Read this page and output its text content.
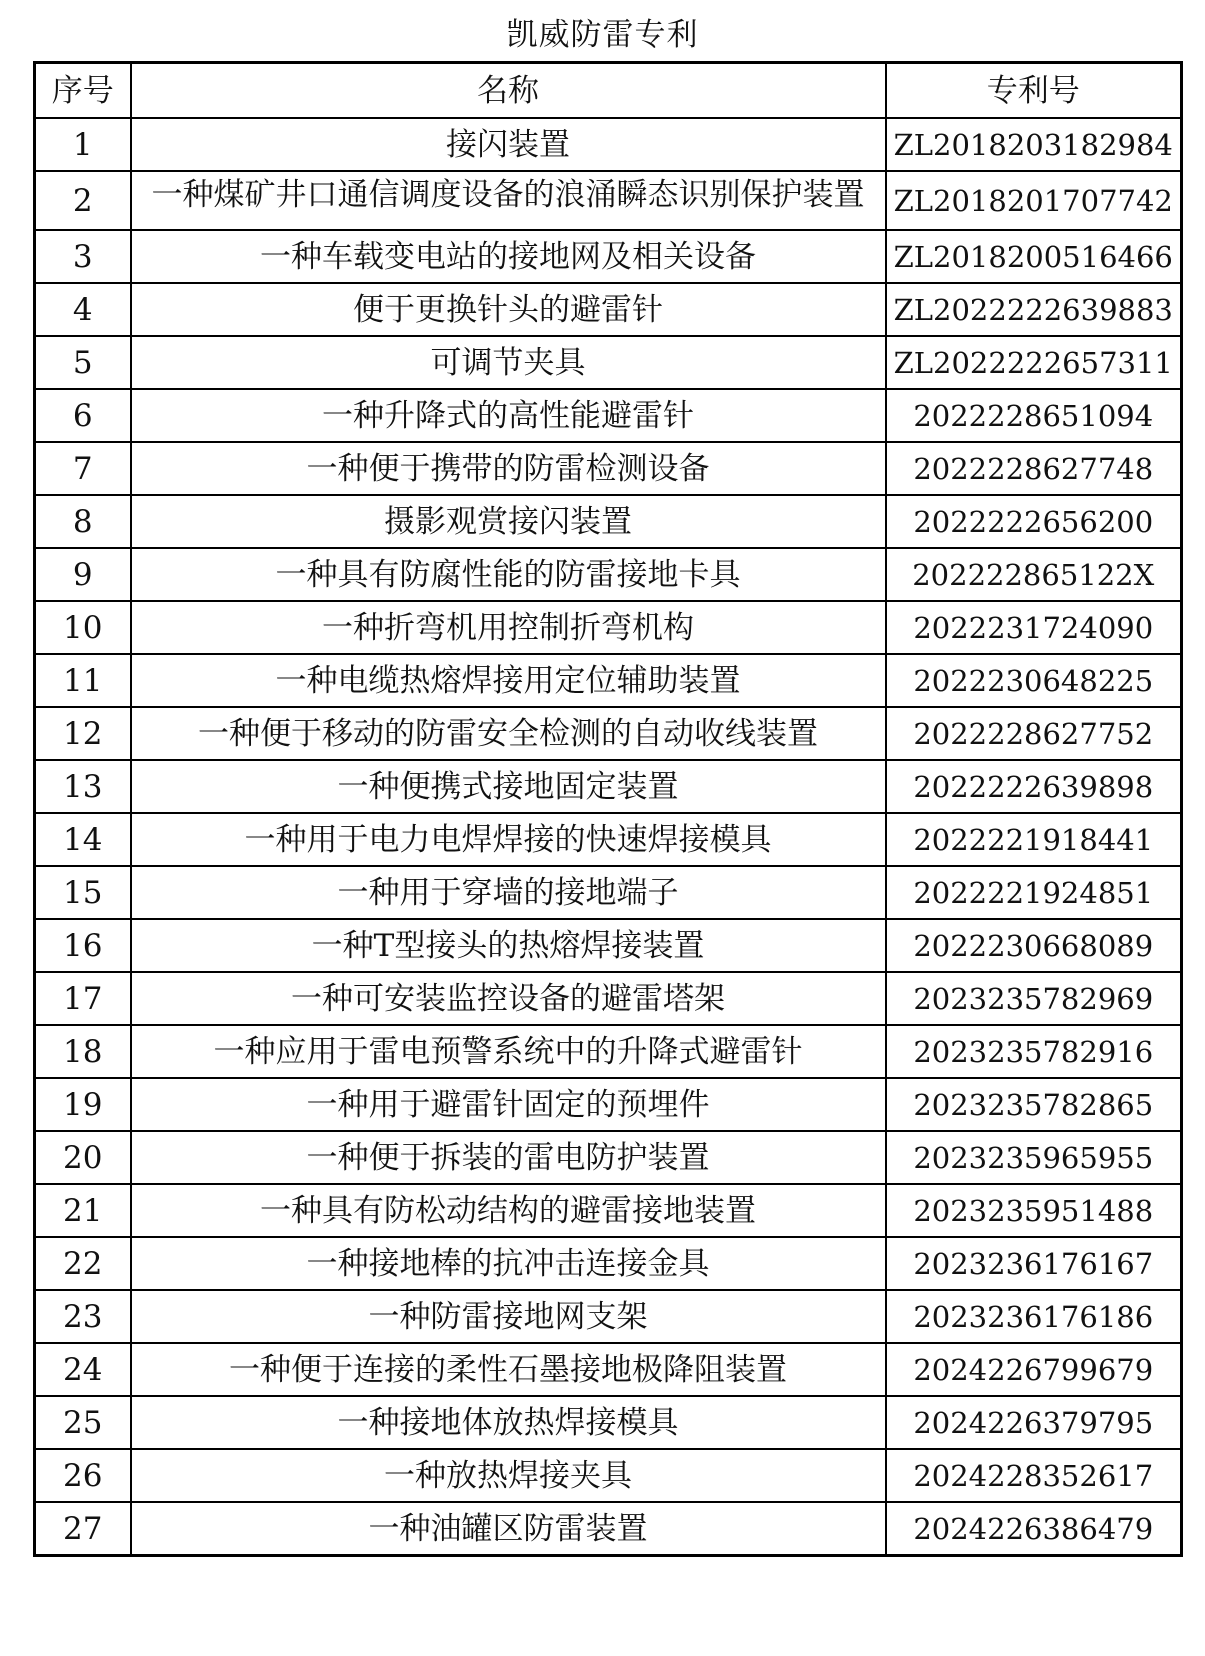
凯威防雷专利
序号	名称	专利号
1	接闪装置	ZL2018203182984
2	一种煤矿井口通信调度设备的浪涌瞬态识别保护装置	ZL2018201707742
3	一种车载变电站的接地网及相关设备	ZL2018200516466
4	便于更换针头的避雷针	ZL2022222639883
5	可调节夹具	ZL2022222657311
6	一种升降式的高性能避雷针	2022228651094
7	一种便于携带的防雷检测设备	2022228627748
8	摄影观赏接闪装置	2022222656200
9	一种具有防腐性能的防雷接地卡具	202222865122X
10	一种折弯机用控制折弯机构	2022231724090
11	一种电缆热熔焊接用定位辅助装置	2022230648225
12	一种便于移动的防雷安全检测的自动收线装置	2022228627752
13	一种便携式接地固定装置	2022222639898
14	一种用于电力电焊焊接的快速焊接模具	2022221918441
15	一种用于穿墙的接地端子	2022221924851
16	一种T型接头的热熔焊接装置	2022230668089
17	一种可安装监控设备的避雷塔架	2023235782969
18	一种应用于雷电预警系统中的升降式避雷针	2023235782916
19	一种用于避雷针固定的预埋件	2023235782865
20	一种便于拆装的雷电防护装置	2023235965955
21	一种具有防松动结构的避雷接地装置	2023235951488
22	一种接地棒的抗冲击连接金具	2023236176167
23	一种防雷接地网支架	2023236176186
24	一种便于连接的柔性石墨接地极降阻装置	2024226799679
25	一种接地体放热焊接模具	2024226379795
26	一种放热焊接夹具	2024228352617
27	一种油罐区防雷装置	2024226386479
